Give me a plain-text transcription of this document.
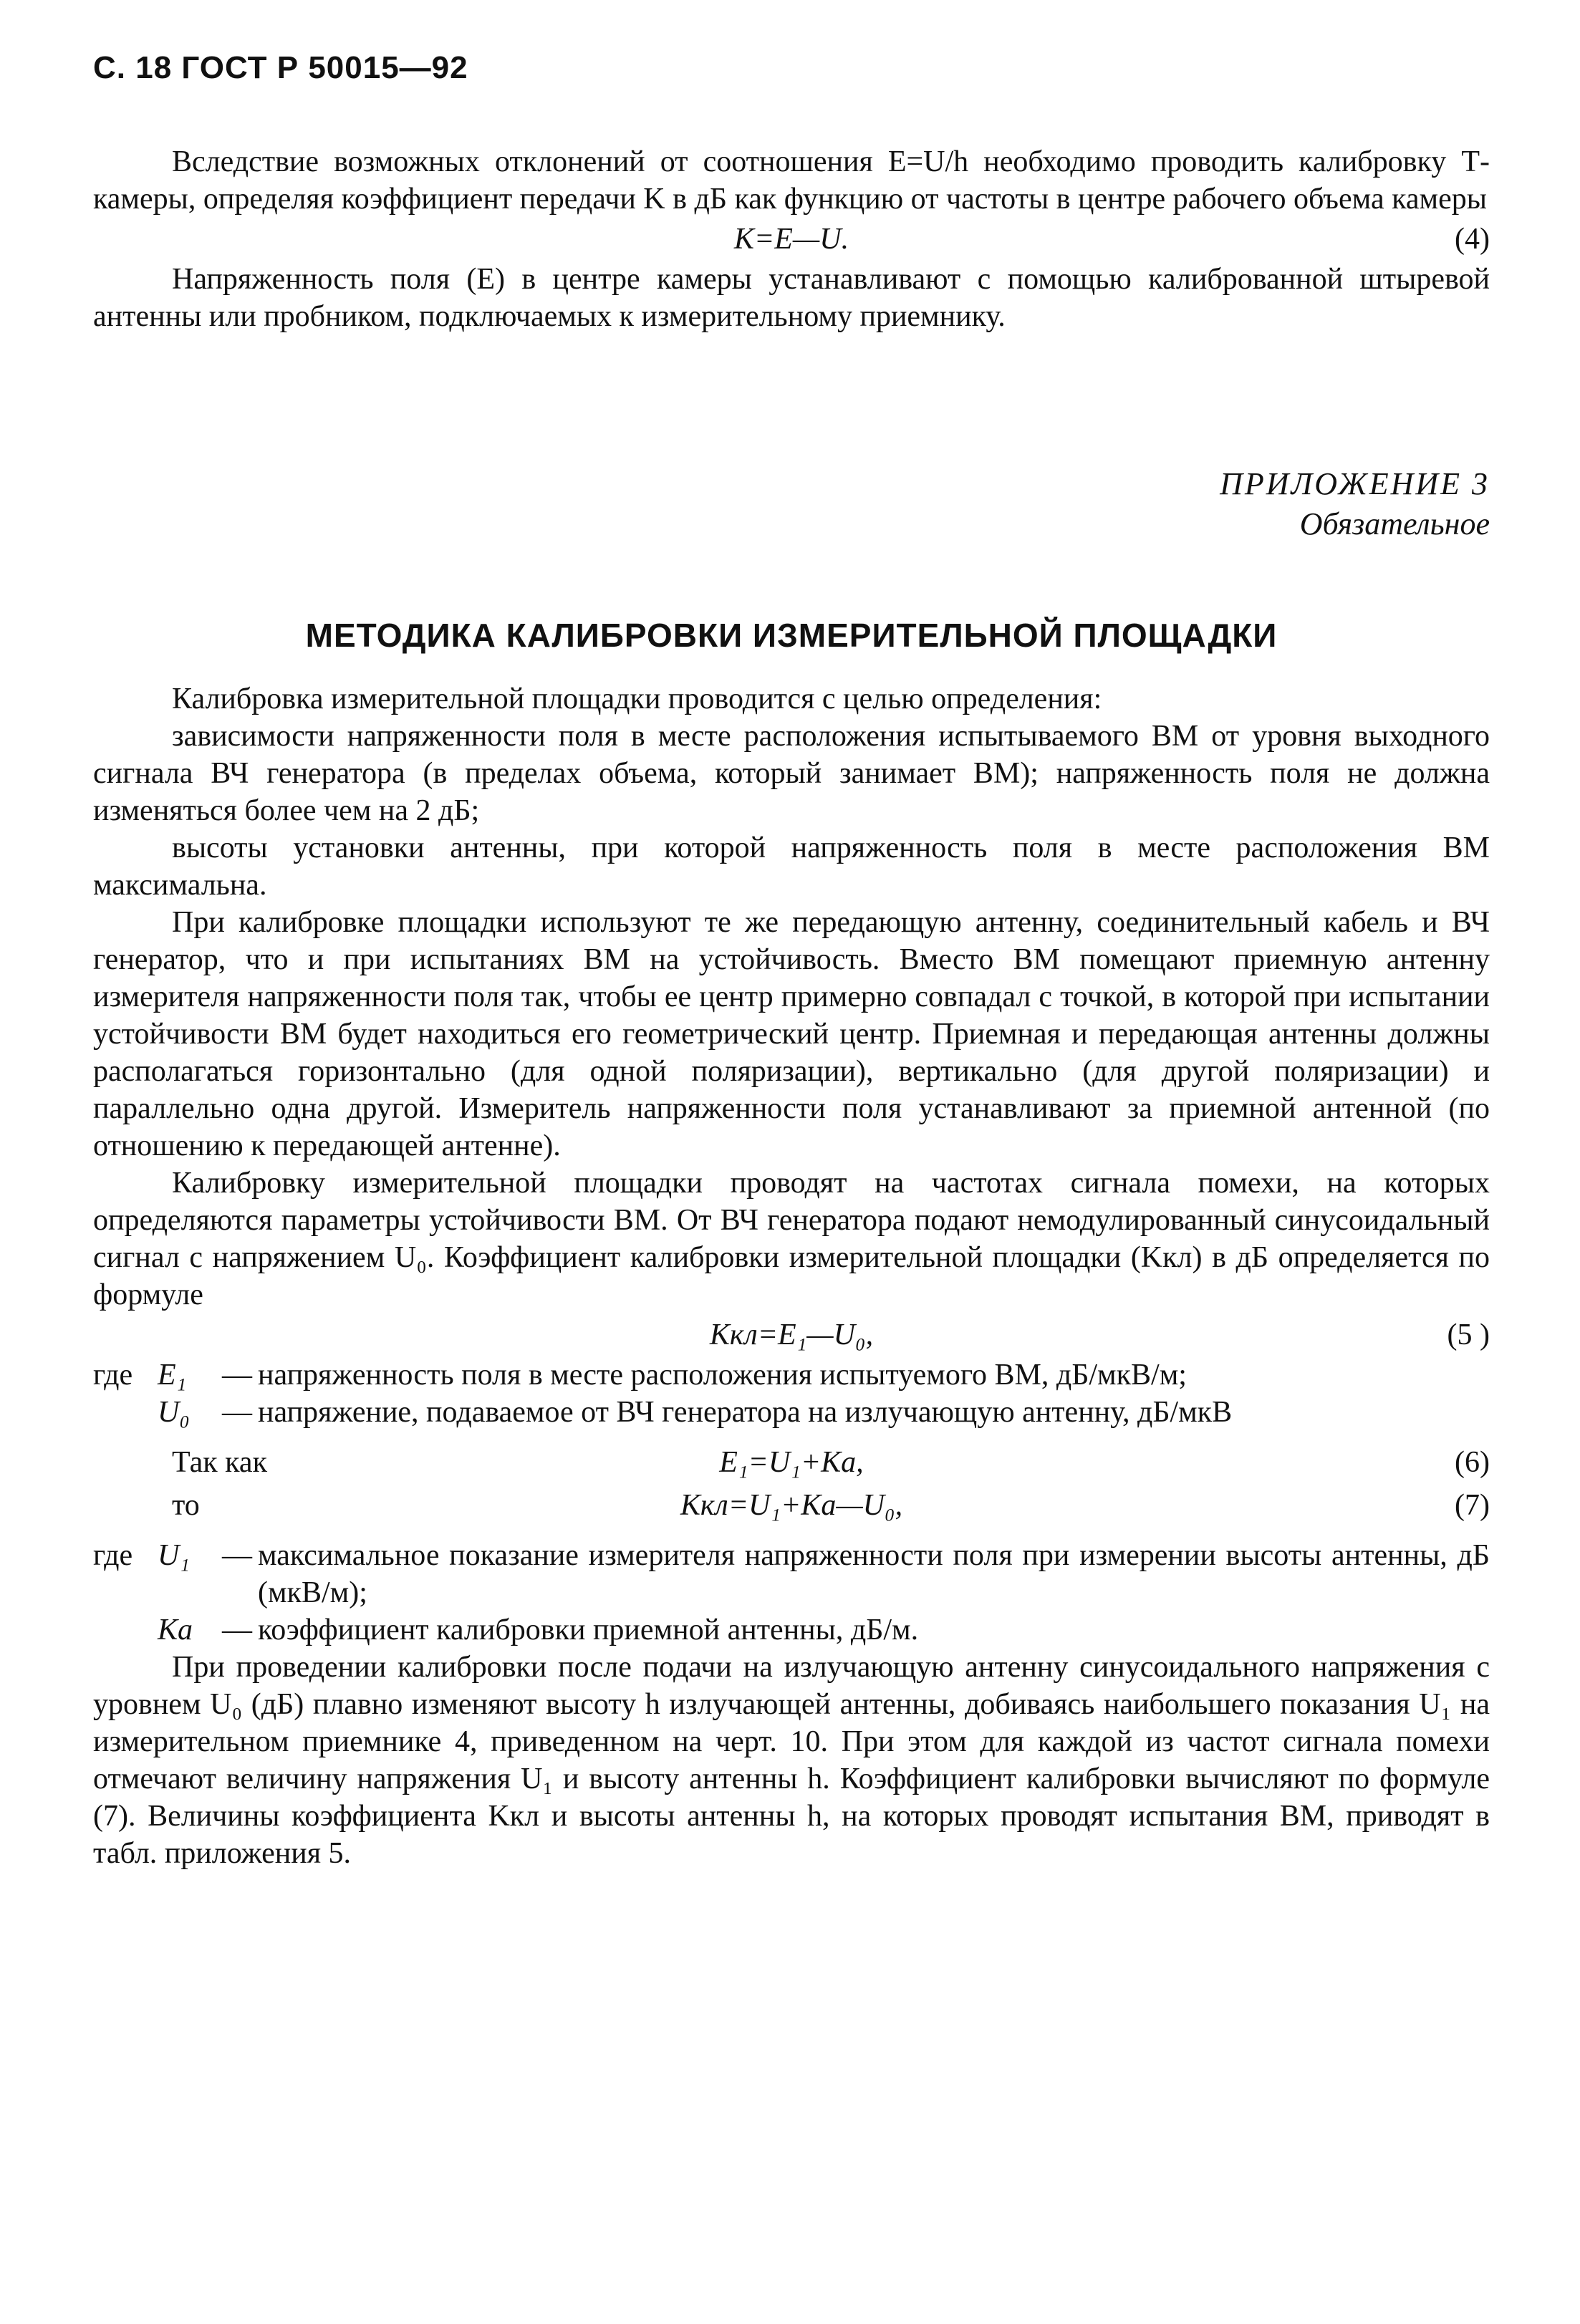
С. 18 ГОСТ Р 50015—92

Вследствие возможных отклонений от соотношения E=U/h необходимо проводить калибровку Т-камеры, определяя коэффициент передачи K в дБ как функцию от частоты в центре рабочего объема камеры

K=E—U.	(4)

Напряженность поля (E) в центре камеры устанавливают с помощью калиброванной штыревой антенны или пробником, подключаемых к измерительному приемнику.

ПРИЛОЖЕНИЕ 3
Обязательное
МЕТОДИКА КАЛИБРОВКИ ИЗМЕРИТЕЛЬНОЙ ПЛОЩАДКИ

Калибровка измерительной площадки проводится с целью определения:

зависимости напряженности поля в месте расположения испытываемого ВМ от уровня выходного сигнала ВЧ генератора (в пределах объема, который занимает ВМ); напряженность поля не должна изменяться более чем на 2 дБ;

высоты установки антенны, при которой напряженность поля в месте расположения ВМ максимальна.

При калибровке площадки используют те же передающую антенну, соединительный кабель и ВЧ генератор, что и при испытаниях ВМ на устойчивость. Вместо ВМ помещают приемную антенну измерителя напряженности поля так, чтобы ее центр примерно совпадал с точкой, в которой при испытании устойчивости ВМ будет находиться его геометрический центр. Приемная и передающая антенны должны располагаться горизонтально (для одной поляризации), вертикально (для другой поляризации) и параллельно одна другой. Измеритель напряженности поля устанавливают за приемной антенной (по отношению к передающей антенне).

Калибровку измерительной площадки проводят на частотах сигнала помехи, на которых определяются параметры устойчивости ВМ. От ВЧ генератора подают немодулированный синусоидальный сигнал с напряжением U₀. Коэффициент калибровки измерительной площадки (Kкл) в дБ определяется по формуле

Kкл=E₁—U₀,	(5 )
где E₁	— напряженность поля в месте расположения испытуемого ВМ, дБ/мкВ/м;
U₀	— напряжение, подаваемое от ВЧ генератора на излучающую антенну, дБ/мкВ
Так как	E₁=U₁+Kа,	(6)
то	Kкл=U₁+Kа—U₀,	(7)
где U₁	— максимальное показание измерителя напряженности поля при измерении высоты антенны, дБ (мкВ/м);
Kа — коэффициент калибровки приемной антенны, дБ/м.

При проведении калибровки после подачи на излучающую антенну синусоидального напряжения с уровнем U₀ (дБ) плавно изменяют высоту h излучающей антенны, добиваясь наибольшего показания U₁ на измерительном приемнике 4, приведенном на черт. 10. При этом для каждой из частот сигнала помехи отмечают величину напряжения U₁ и высоту антенны h. Коэффициент калибровки вычисляют по формуле (7). Величины коэффициента Kкл и высоты антенны h, на которых проводят испытания ВМ, приводят в табл. приложения 5.
